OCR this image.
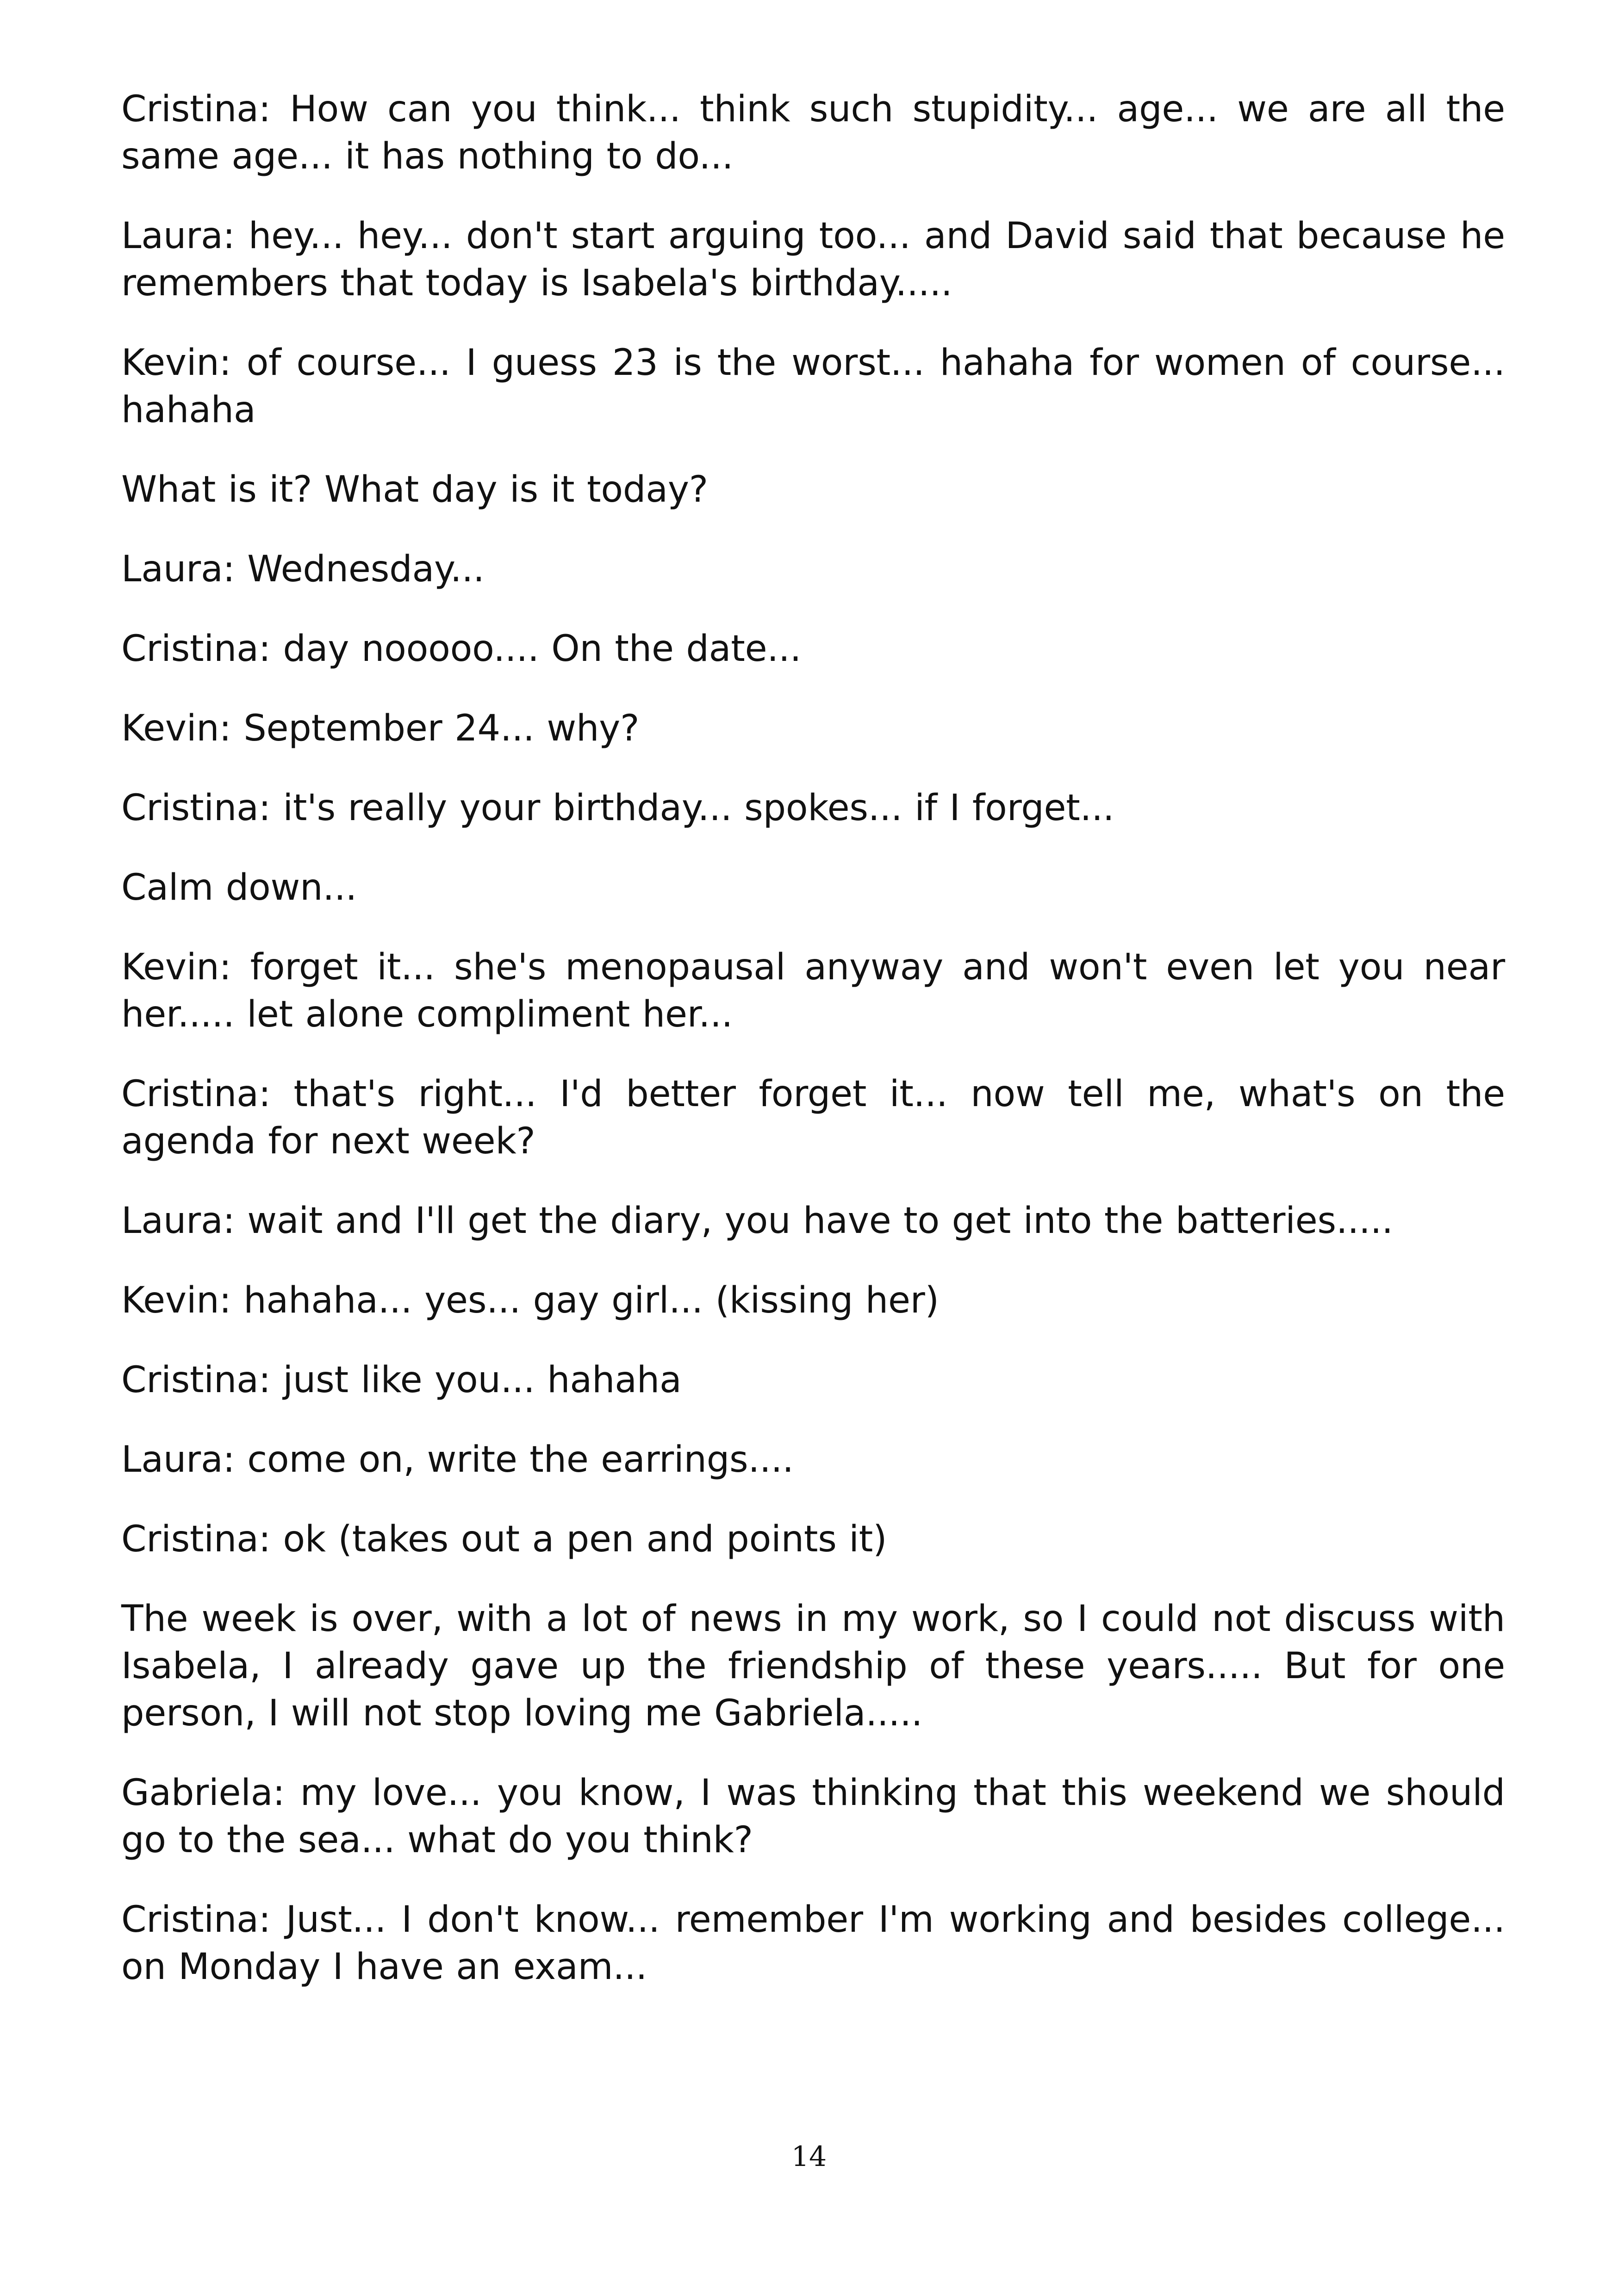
Cristina: How can you think... think such stupidity... age... we are all the same age... it has nothing to do...

Laura: hey... hey... don't start arguing too... and David said that because he remembers that today is Isabela's birthday.....

Kevin: of course... I guess 23 is the worst... hahaha for women of course... hahaha

What is it? What day is it today?

Laura: Wednesday...

Cristina: day nooooo.... On the date...

Kevin: September 24... why?

Cristina: it's really your birthday... spokes... if I forget...

Calm down...

Kevin: forget it... she's menopausal anyway and won't even let you near her..... let alone compliment her...

Cristina: that's right... I'd better forget it... now tell me, what's on the agenda for next week?

Laura: wait and I'll get the diary, you have to get into the batteries.....

Kevin: hahaha... yes... gay girl... (kissing her)

Cristina: just like you... hahaha

Laura: come on, write the earrings....

Cristina: ok (takes out a pen and points it)

The week is over, with a lot of news in my work, so I could not discuss with Isabela, I already gave up the friendship of these years..... But for one person, I will not stop loving me Gabriela.....

Gabriela: my love... you know, I was thinking that this weekend we should go to the sea... what do you think?

Cristina: Just... I don't know... remember I'm working and besides college... on Monday I have an exam...

14
